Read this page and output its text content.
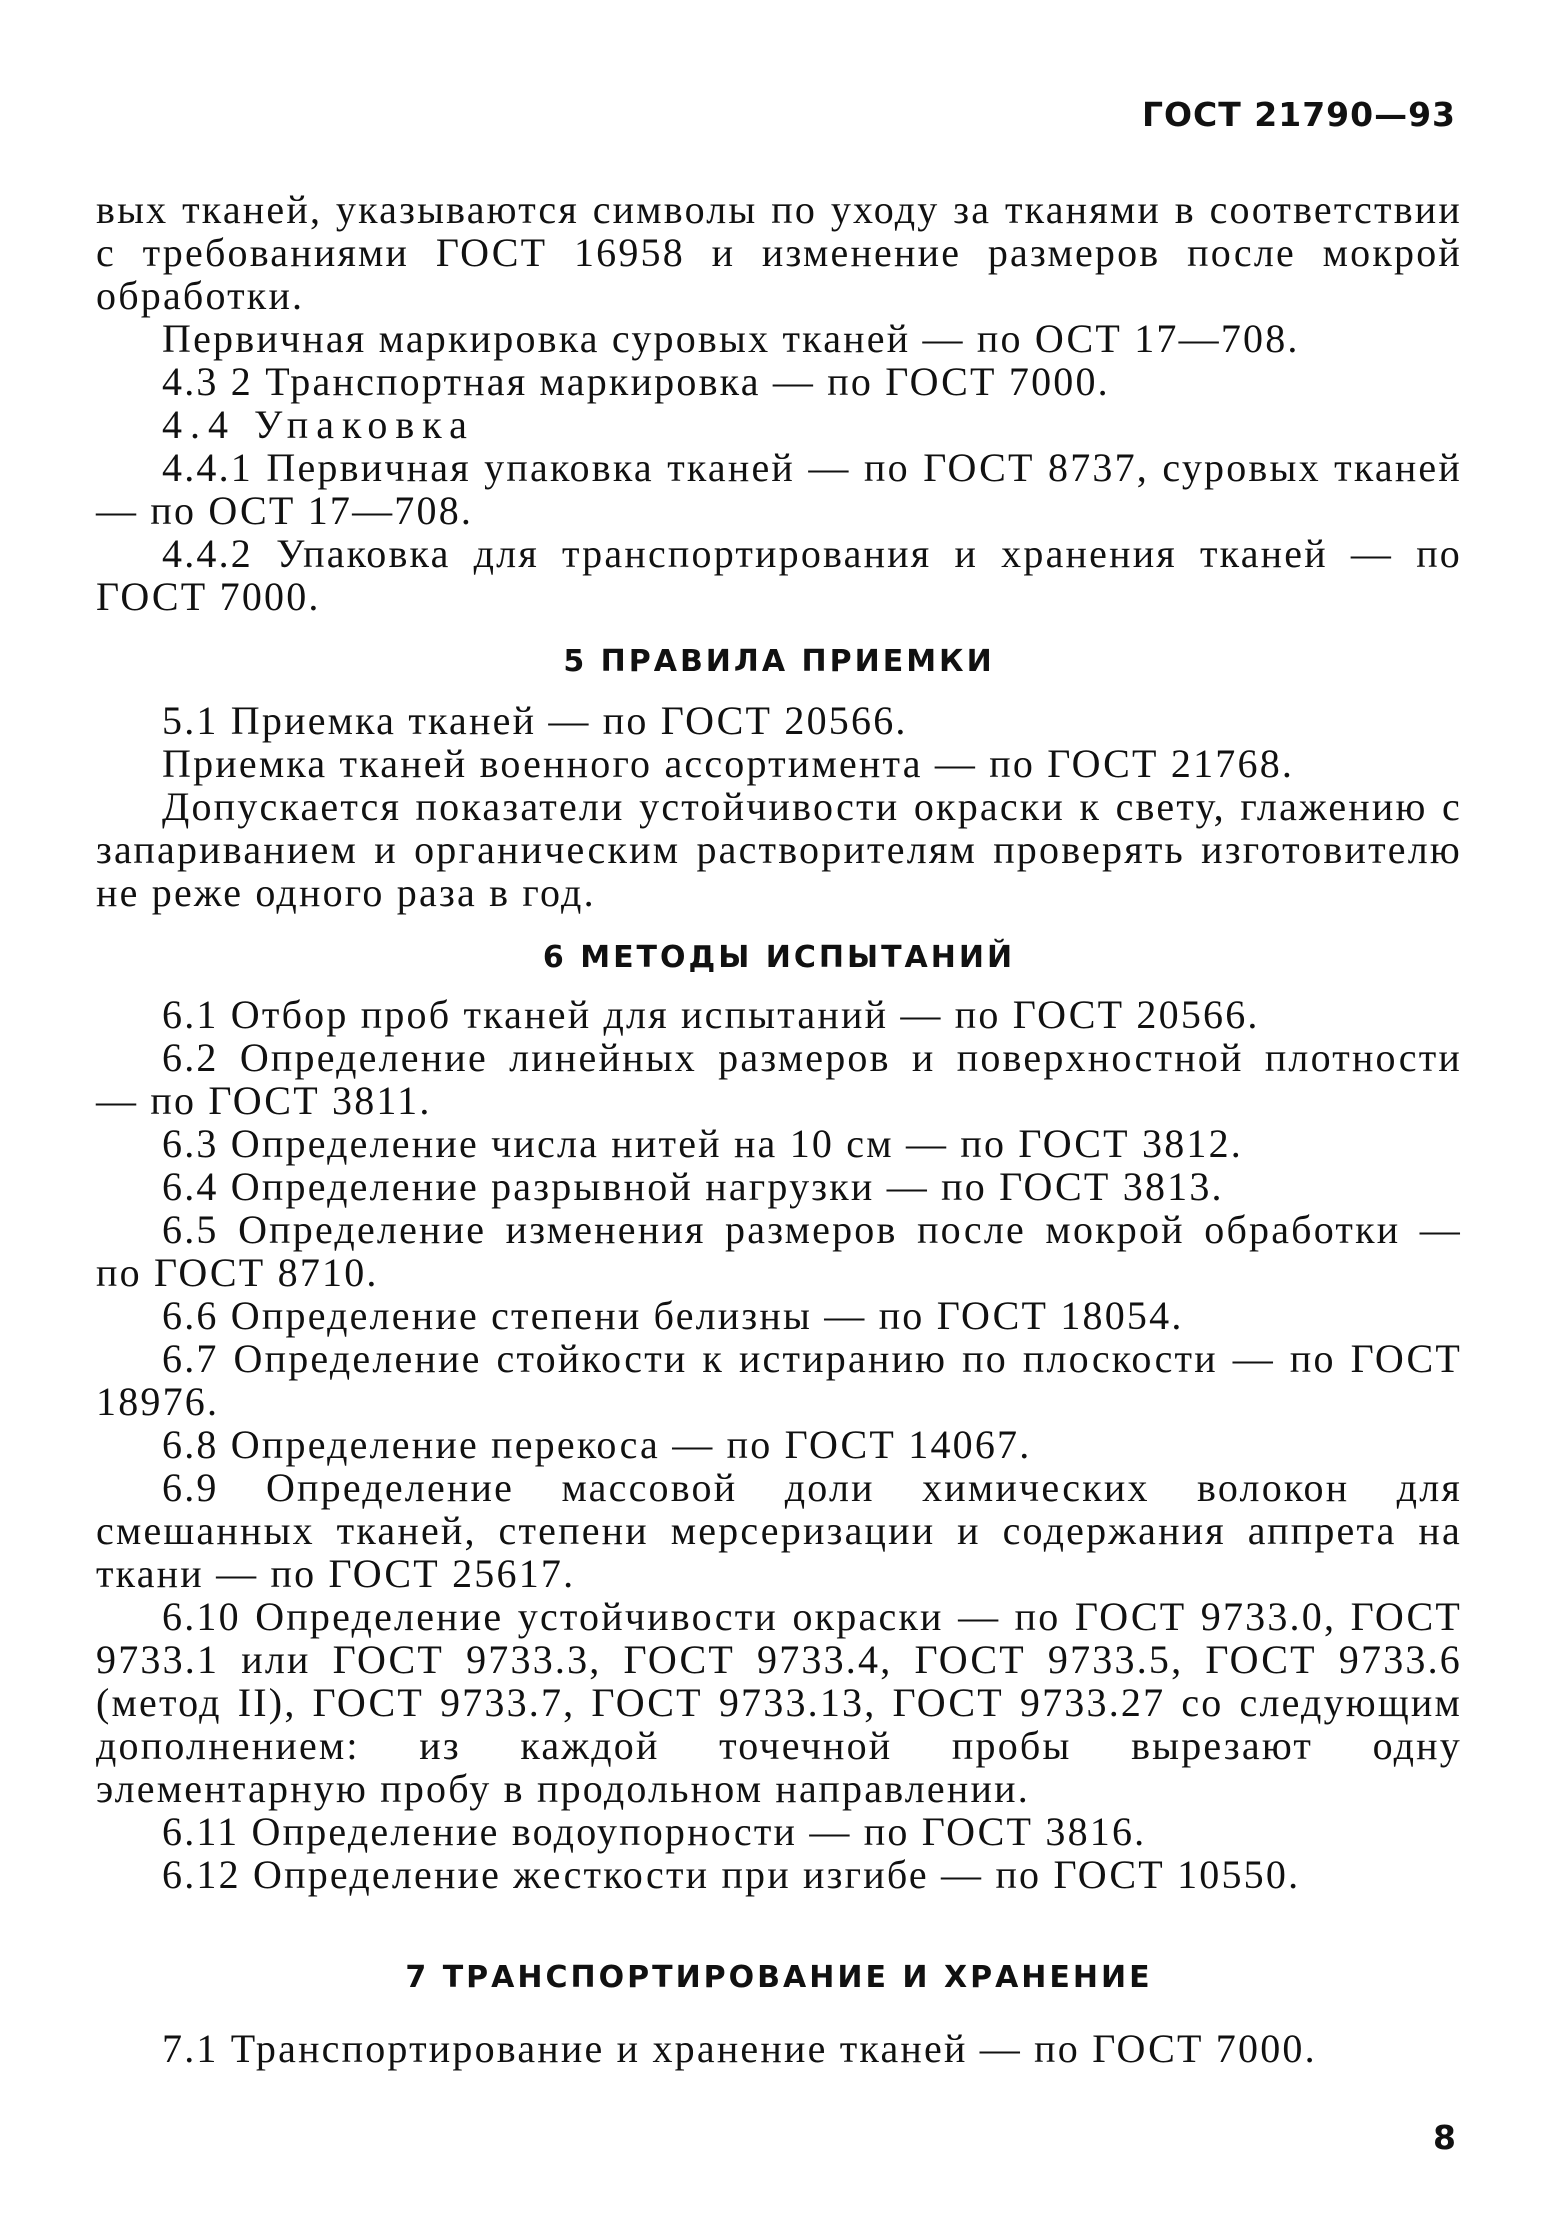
ГОСТ 21790—93

вых тканей, указываются символы по уходу за тканями в соответствии с требованиями ГОСТ 16958 и изменение размеров после мокрой обработки.

Первичная маркировка суровых тканей — по ОСТ 17—708.

4.3 2 Транспортная маркировка — по ГОСТ 7000.

4.4 Упаковка

4.4.1 Первичная упаковка тканей — по ГОСТ 8737, суровых тканей — по ОСТ 17—708.

4.4.2 Упаковка для транспортирования и хранения тканей — по ГОСТ 7000.

5 ПРАВИЛА ПРИЕМКИ

5.1 Приемка тканей — по ГОСТ 20566.

Приемка тканей военного ассортимента — по ГОСТ 21768.

Допускается показатели устойчивости окраски к свету, глажению с запариванием и органическим растворителям проверять изготовителю не реже одного раза в год.

6 МЕТОДЫ ИСПЫТАНИЙ

6.1 Отбор проб тканей для испытаний — по ГОСТ 20566.

6.2 Определение линейных размеров и поверхностной плотности — по ГОСТ 3811.

6.3 Определение числа нитей на 10 см — по ГОСТ 3812.

6.4 Определение разрывной нагрузки — по ГОСТ 3813.

6.5 Определение изменения размеров после мокрой обработки — по ГОСТ 8710.

6.6 Определение степени белизны — по ГОСТ 18054.

6.7 Определение стойкости к истиранию по плоскости — по ГОСТ 18976.

6.8 Определение перекоса — по ГОСТ 14067.

6.9 Определение массовой доли химических волокон для смешанных тканей, степени мерсеризации и содержания аппрета на ткани — по ГОСТ 25617.

6.10 Определение устойчивости окраски — по ГОСТ 9733.0, ГОСТ 9733.1 или ГОСТ 9733.3, ГОСТ 9733.4, ГОСТ 9733.5, ГОСТ 9733.6 (метод II), ГОСТ 9733.7, ГОСТ 9733.13, ГОСТ 9733.27 со следующим дополнением: из каждой точечной пробы вырезают одну элементарную пробу в продольном направлении.

6.11 Определение водоупорности — по ГОСТ 3816.

6.12 Определение жесткости при изгибе — по ГОСТ 10550.

7 ТРАНСПОРТИРОВАНИЕ И ХРАНЕНИЕ

7.1 Транспортирование и хранение тканей — по ГОСТ 7000.

8
